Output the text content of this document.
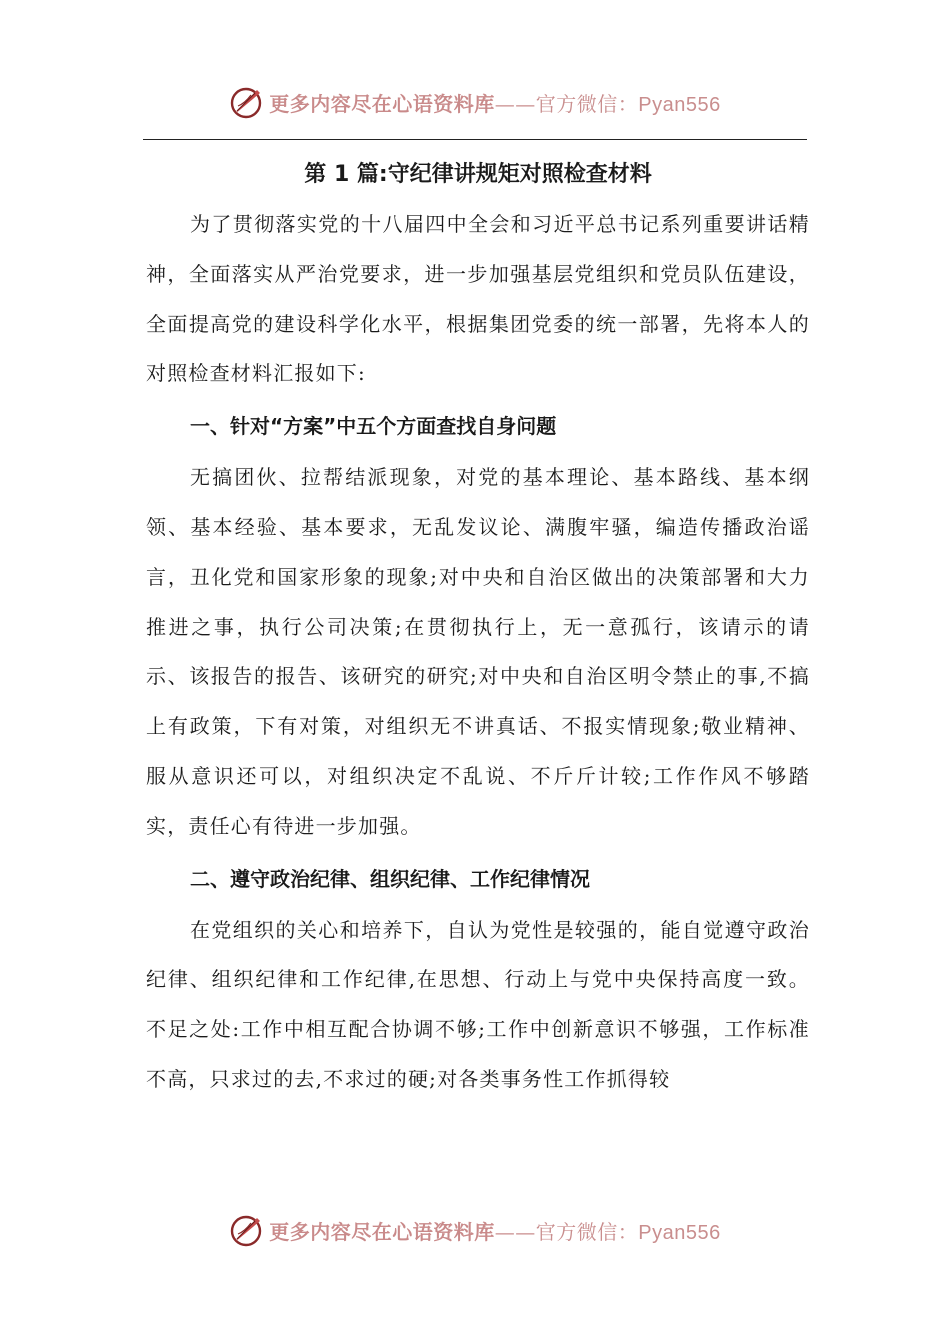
更多内容尽在心语资料库——官方微信：Pyan556
第 1 篇:守纪律讲规矩对照检查材料

为了贯彻落实党的十八届四中全会和习近平总书记系列重要讲话精神，全面落实从严治党要求，进一步加强基层党组织和党员队伍建设，全面提高党的建设科学化水平，根据集团党委的统一部署，先将本人的对照检查材料汇报如下:

一、针对“方案”中五个方面查找自身问题

无搞团伙、拉帮结派现象，对党的基本理论、基本路线、基本纲领、基本经验、基本要求，无乱发议论、满腹牢骚，编造传播政治谣言，丑化党和国家形象的现象;对中央和自治区做出的决策部署和大力推进之事，执行公司决策;在贯彻执行上，无一意孤行，该请示的请示、该报告的报告、该研究的研究;对中央和自治区明令禁止的事,不搞上有政策，下有对策，对组织无不讲真话、不报实情现象;敬业精神、服从意识还可以，对组织决定不乱说、不斤斤计较;工作作风不够踏实，责任心有待进一步加强。

二、遵守政治纪律、组织纪律、工作纪律情况

在党组织的关心和培养下，自认为党性是较强的，能自觉遵守政治纪律、组织纪律和工作纪律,在思想、行动上与党中央保持高度一致。不足之处:工作中相互配合协调不够;工作中创新意识不够强，工作标准不高，只求过的去,不求过的硬;对各类事务性工作抓得较

更多内容尽在心语资料库——官方微信：Pyan556
